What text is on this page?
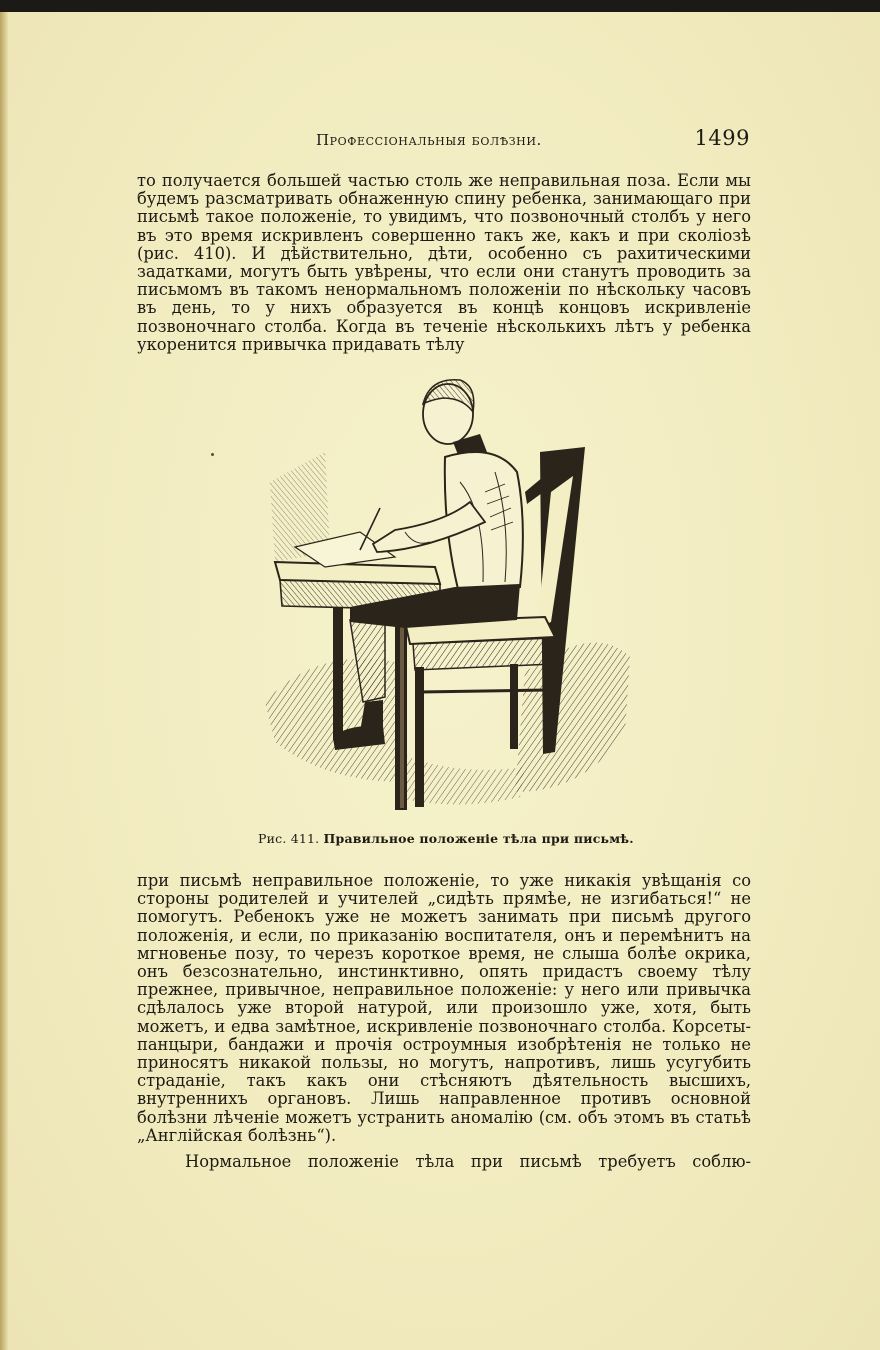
Профессіональныя болѣзни.	1499

то получается большей частью столь же неправильная поза. Если мы будемъ разсматривать обнаженную спину ребенка, занимающаго при письмѣ такое положеніе, то увидимъ, что позвоночный столбъ у него въ это время искривленъ совершенно такъ же, какъ и при сколіозѣ (рис. 410). И дѣйствительно, дѣти, особенно съ рахитическими задатками, могутъ быть увѣрены, что если они станутъ проводить за письмомъ въ такомъ ненормальномъ положеніи по нѣскольку часовъ въ день, то у нихъ образуется въ концѣ концовъ искривленіе позвоночнаго столба. Когда въ теченіе нѣсколькихъ лѣтъ у ребенка укоренится привычка придавать тѣлу

Рис. 411. Правильное положеніе тѣла при письмѣ.

при письмѣ неправильное положеніе, то уже никакія увѣщанія со стороны родителей и учителей „сидѣть прямѣе, не изгибаться!“ не помогутъ. Ребенокъ уже не можетъ занимать при письмѣ другого положенія, и если, по приказанію воспитателя, онъ и перемѣнитъ на мгновенье позу, то черезъ короткое время, не слыша болѣе окрика, онъ безсознательно, инстинктивно, опять придастъ своему тѣлу прежнее, привычное, неправильное положеніе: у него или привычка сдѣлалось уже второй натурой, или произошло уже, хотя, быть можетъ, и едва замѣтное, искривленіе позвоночнаго столба. Корсеты-панцыри, бандажи и прочія остроумныя изобрѣтенія не только не приносятъ никакой пользы, но могутъ, напротивъ, лишь усугубить страданіе, такъ какъ они стѣсняютъ дѣятельность высшихъ, внутреннихъ органовъ. Лишь направленное противъ основной болѣзни лѣченіе можетъ устранить аномалію (см. объ этомъ въ статьѣ „Англійская болѣзнь“).

Нормальное положеніе тѣла при письмѣ требуетъ соблю-
